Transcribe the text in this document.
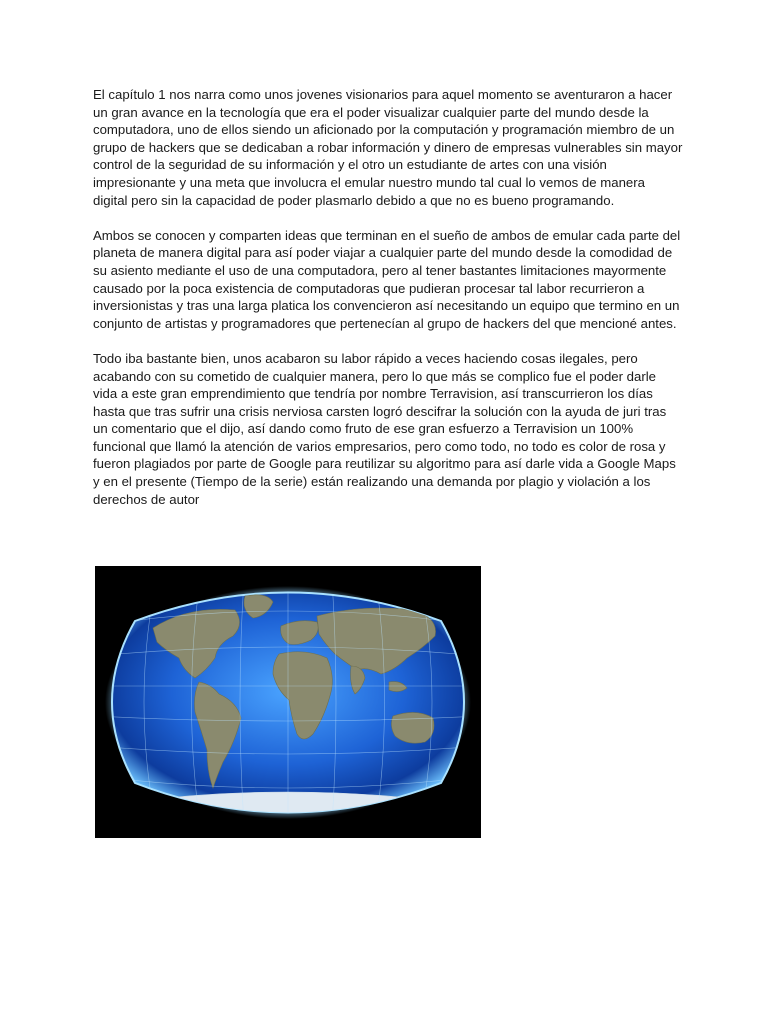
El capítulo 1 nos narra como unos jovenes visionarios para aquel momento se aventuraron a hacer un gran avance en la tecnología que era el poder visualizar cualquier parte del mundo desde la computadora, uno de ellos siendo un aficionado por la computación y programación miembro de un grupo de hackers que se dedicaban a robar información y dinero de empresas vulnerables sin mayor control de la seguridad de su información y el otro un estudiante de artes con una visión impresionante y una meta que involucra el emular nuestro mundo tal cual lo vemos de manera digital pero sin la capacidad de poder plasmarlo debido a que no es bueno programando.

Ambos se conocen y comparten ideas que terminan en el sueño de ambos de emular cada parte del planeta de manera digital para así poder viajar a cualquier parte del mundo desde la comodidad de su asiento mediante el uso de una computadora, pero al tener bastantes limitaciones mayormente causado por la poca existencia de computadoras que pudieran procesar tal labor recurrieron a inversionistas y tras una larga platica los convencieron así necesitando un equipo que termino en un conjunto de artistas y programadores que pertenecían al grupo de hackers del que mencioné antes.

Todo iba bastante bien, unos acabaron su labor rápido a veces haciendo cosas ilegales, pero acabando con su cometido de cualquier manera, pero lo que más se complico fue el poder darle vida a este gran emprendimiento que tendría por nombre Terravision, así transcurrieron los días hasta que tras sufrir una crisis nerviosa carsten logró descifrar la solución con la ayuda de juri tras un comentario que el dijo, así dando como fruto de ese gran esfuerzo a Terravision un 100% funcional que llamó la atención de varios empresarios, pero como todo, no todo es color de rosa y fueron plagiados por parte de Google para reutilizar su algoritmo para así darle vida a Google Maps y en el presente (Tiempo de la serie) están realizando una demanda por plagio y violación a los derechos de autor
